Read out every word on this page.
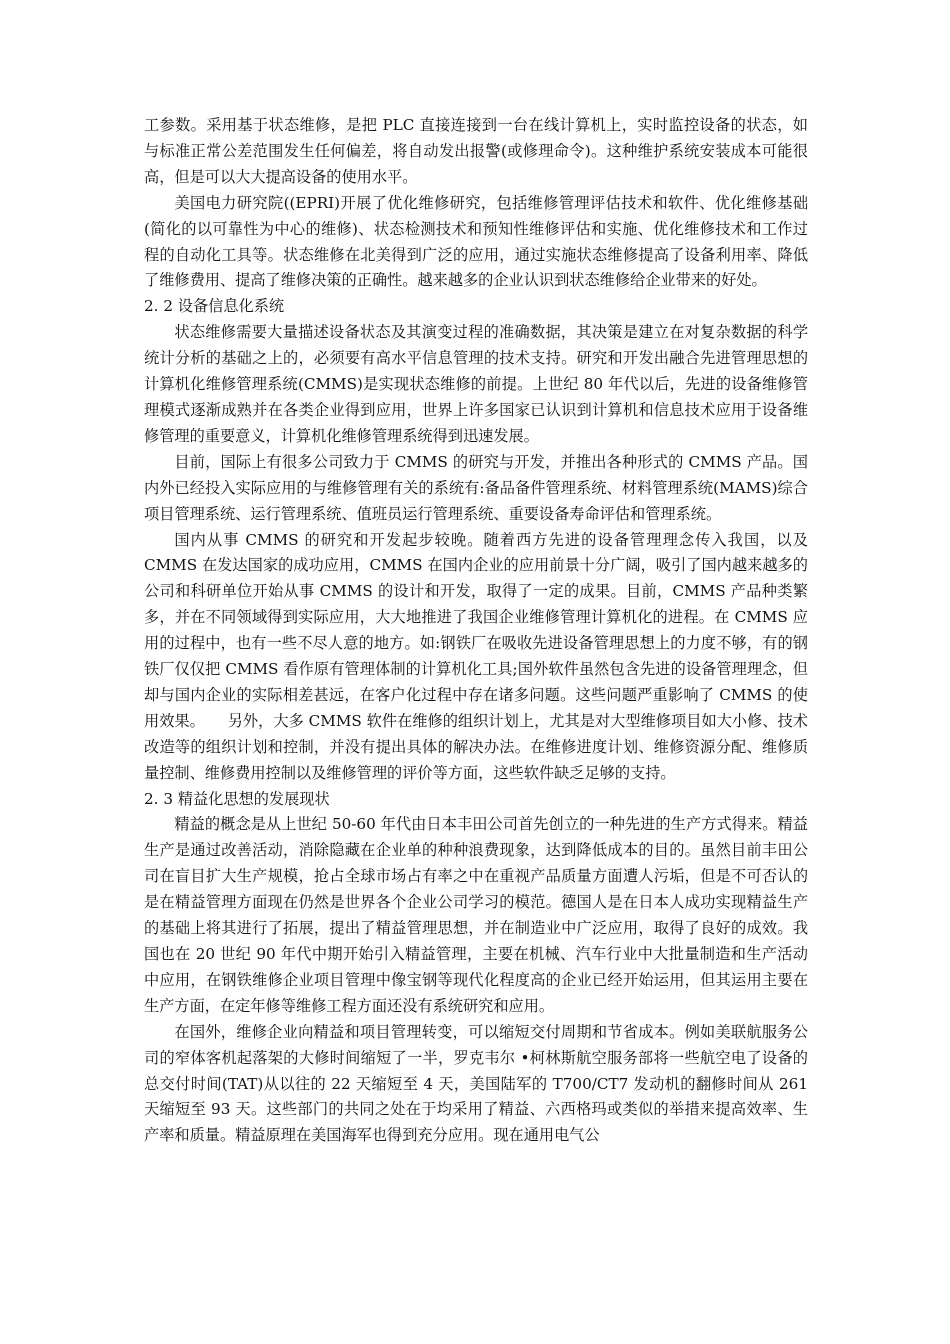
工参数。采用基于状态维修，是把 PLC 直接连接到一台在线计算机上，实时监控设备的状态，如与标准正常公差范围发生任何偏差，将自动发出报警(或修理命令)。这种维护系统安装成本可能很高，但是可以大大提高设备的使用水平。

美国电力研究院((EPRI)开展了优化维修研究，包括维修管理评估技术和软件、优化维修基础(简化的以可靠性为中心的维修)、状态检测技术和预知性维修评估和实施、优化维修技术和工作过程的自动化工具等。状态维修在北美得到广泛的应用，通过实施状态维修提高了设备利用率、降低了维修费用、提高了维修决策的正确性。越来越多的企业认识到状态维修给企业带来的好处。

2. 2 设备信息化系统

状态维修需要大量描述设备状态及其演变过程的准确数据，其决策是建立在对复杂数据的科学统计分析的基础之上的，必须要有高水平信息管理的技术支持。研究和开发出融合先进管理思想的计算机化维修管理系统(CMMS)是实现状态维修的前提。上世纪 80 年代以后，先进的设备维修管理模式逐渐成熟并在各类企业得到应用，世界上许多国家已认识到计算机和信息技术应用于设备维修管理的重要意义，计算机化维修管理系统得到迅速发展。

目前，国际上有很多公司致力于 CMMS 的研究与开发，并推出各种形式的 CMMS 产品。国内外已经投入实际应用的与维修管理有关的系统有:备品备件管理系统、材料管理系统(MAMS)综合项目管理系统、运行管理系统、值班员运行管理系统、重要设备寿命评估和管理系统。

国内从事 CMMS 的研究和开发起步较晚。随着西方先进的设备管理理念传入我国，以及 CMMS 在发达国家的成功应用，CMMS 在国内企业的应用前景十分广阔，吸引了国内越来越多的公司和科研单位开始从事 CMMS 的设计和开发，取得了一定的成果。目前，CMMS 产品种类繁多，并在不同领域得到实际应用，大大地推进了我国企业维修管理计算机化的进程。在 CMMS 应用的过程中，也有一些不尽人意的地方。如:钢铁厂在吸收先进设备管理思想上的力度不够，有的钢铁厂仅仅把 CMMS 看作原有管理体制的计算机化工具;国外软件虽然包含先进的设备管理理念，但却与国内企业的实际相差甚远，在客户化过程中存在诸多问题。这些问题严重影响了 CMMS 的使用效果。　　另外，大多 CMMS 软件在维修的组织计划上，尤其是对大型维修项目如大小修、技术改造等的组织计划和控制，并没有提出具体的解决办法。在维修进度计划、维修资源分配、维修质量控制、维修费用控制以及维修管理的评价等方面，这些软件缺乏足够的支持。

2. 3 精益化思想的发展现状

精益的概念是从上世纪 50-60 年代由日本丰田公司首先创立的一种先进的生产方式得来。精益生产是通过改善活动，消除隐藏在企业单的种种浪费现象，达到降低成本的目的。虽然目前丰田公司在盲目扩大生产规模，抢占全球市场占有率之中在重视产品质量方面遭人污垢，但是不可否认的是在精益管理方面现在仍然是世界各个企业公司学习的模范。德国人是在日本人成功实现精益生产的基础上将其进行了拓展，提出了精益管理思想，并在制造业中广泛应用，取得了良好的成效。我国也在 20 世纪 90 年代中期开始引入精益管理，主要在机械、汽车行业中大批量制造和生产活动中应用，在钢铁维修企业项目管理中像宝钢等现代化程度高的企业已经开始运用，但其运用主要在生产方面，在定年修等维修工程方面还没有系统研究和应用。

在国外，维修企业向精益和项目管理转变，可以缩短交付周期和节省成本。例如美联航服务公司的窄体客机起落架的大修时间缩短了一半，罗克韦尔 •柯林斯航空服务部将一些航空电了设备的总交付时间(TAT)从以往的 22 天缩短至 4 天，美国陆军的 T700/CT7 发动机的翻修时间从 261 天缩短至 93 天。这些部门的共同之处在于均采用了精益、六西格玛或类似的举措来提高效率、生产率和质量。精益原理在美国海军也得到充分应用。现在通用电气公
